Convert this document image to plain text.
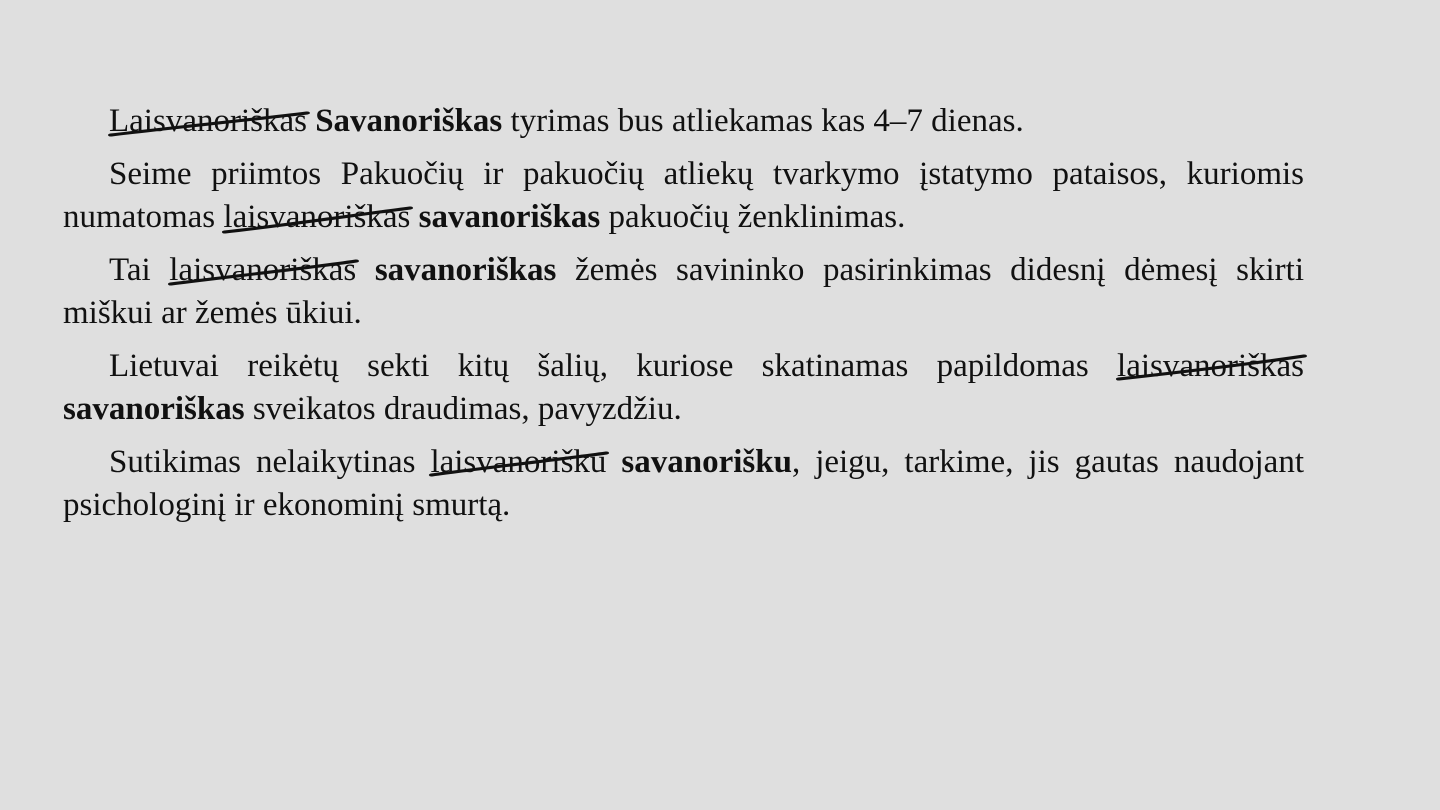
Laisvanoriškas Savanoriškas tyrimas bus atliekamas kas 4–7 dienas.

Seime priimtos Pakuočių ir pakuočių atliekų tvarkymo įstatymo pataisos, kuriomis numatomas laisvanoriškas savanoriškas pakuočių ženklinimas.

Tai laisvanoriškas savanoriškas žemės savininko pasirinkimas didesnį dėmesį skirti miškui ar žemės ūkiui.

Lietuvai reikėtų sekti kitų šalių, kuriose skatinamas papildomas laisvanoriškas
savanoriškas sveikatos draudimas, pavyzdžiu.

Sutikimas nelaikytinas laisvanorišku savanorišku, jeigu, tarkime, jis gautas naudojant psichologinį ir ekonominį smurtą.
